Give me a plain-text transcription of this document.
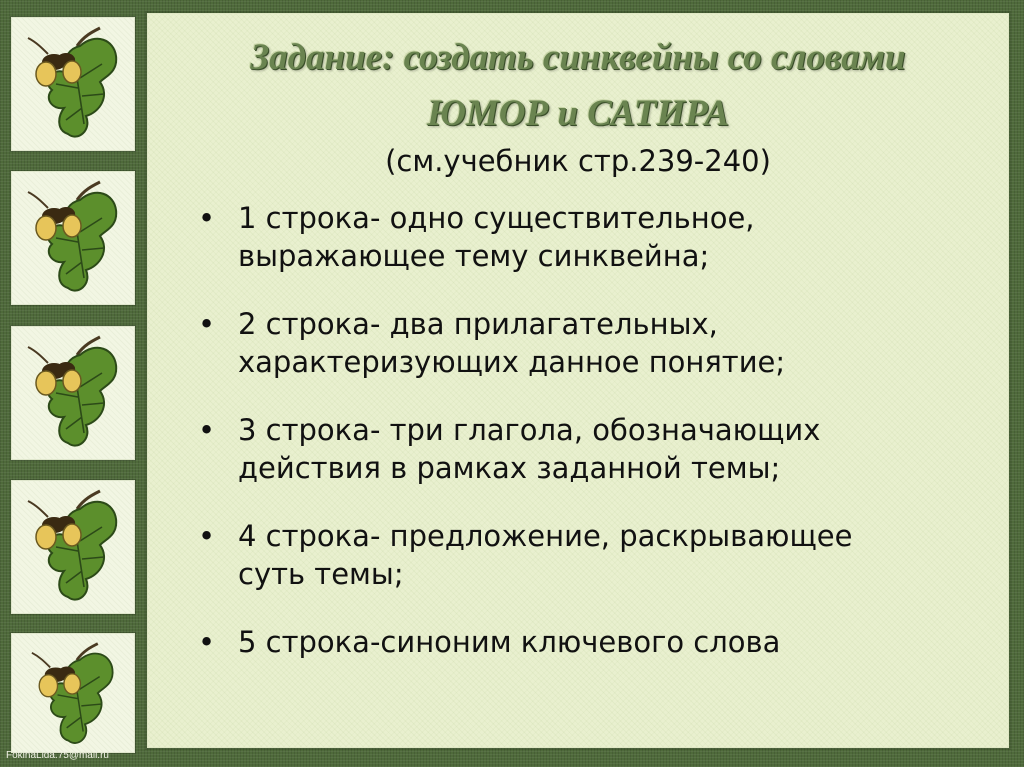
Задание: создать синквейны со словами
ЮМОР и САТИРА
(см.учебник стр.239-240)
• 1 строка- одно существительное,
выражающее тему синквейна;
• 2 строка- два прилагательных,
характеризующих данное понятие;
• 3 строка- три глагола, обозначающих
действия в рамках заданной темы;
• 4 строка- предложение, раскрывающее
суть темы;
• 5 строка-синоним ключевого слова
FokinaLida.75@mail.ru
